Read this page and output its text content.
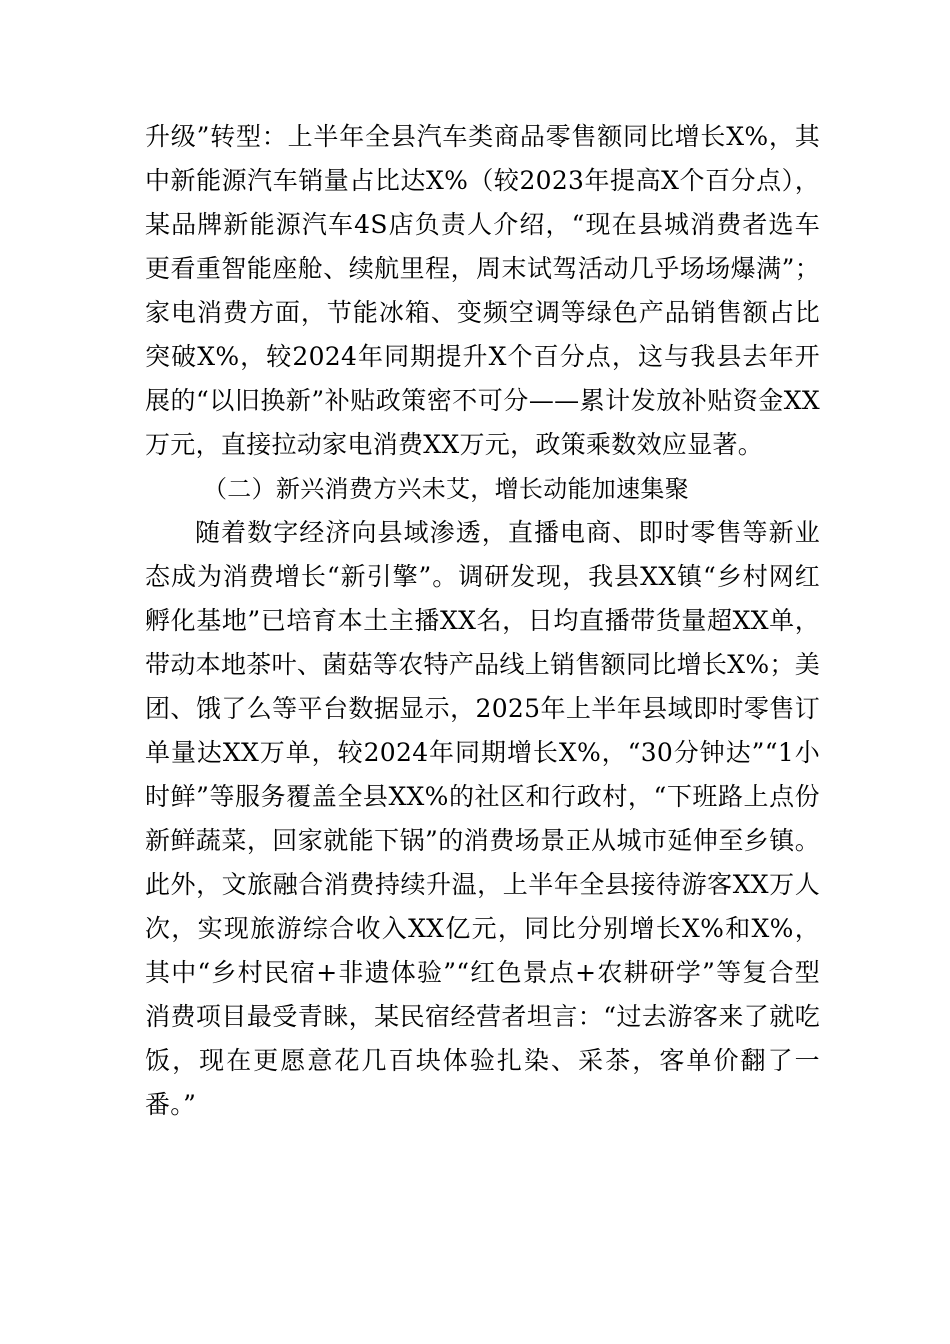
升级”转型：上半年全县汽车类商品零售额同比增长X%，其中新能源汽车销量占比达X%（较2023年提高X个百分点），某品牌新能源汽车4S店负责人介绍，“现在县城消费者选车更看重智能座舱、续航里程，周末试驾活动几乎场场爆满”；家电消费方面，节能冰箱、变频空调等绿色产品销售额占比突破X%，较2024年同期提升X个百分点，这与我县去年开展的“以旧换新”补贴政策密不可分——累计发放补贴资金XX万元，直接拉动家电消费XX万元，政策乘数效应显著。

（二）新兴消费方兴未艾，增长动能加速集聚

随着数字经济向县域渗透，直播电商、即时零售等新业态成为消费增长“新引擎”。调研发现，我县XX镇“乡村网红孵化基地”已培育本土主播XX名，日均直播带货量超XX单，带动本地茶叶、菌菇等农特产品线上销售额同比增长X%；美团、饿了么等平台数据显示，2025年上半年县域即时零售订单量达XX万单，较2024年同期增长X%，“30分钟达”“1小时鲜”等服务覆盖全县XX%的社区和行政村，“下班路上点份新鲜蔬菜，回家就能下锅”的消费场景正从城市延伸至乡镇。此外，文旅融合消费持续升温，上半年全县接待游客XX万人次，实现旅游综合收入XX亿元，同比分别增长X%和X%，其中“乡村民宿+非遗体验”“红色景点+农耕研学”等复合型消费项目最受青睐，某民宿经营者坦言：“过去游客来了就吃饭，现在更愿意花几百块体验扎染、采茶，客单价翻了一番。”
